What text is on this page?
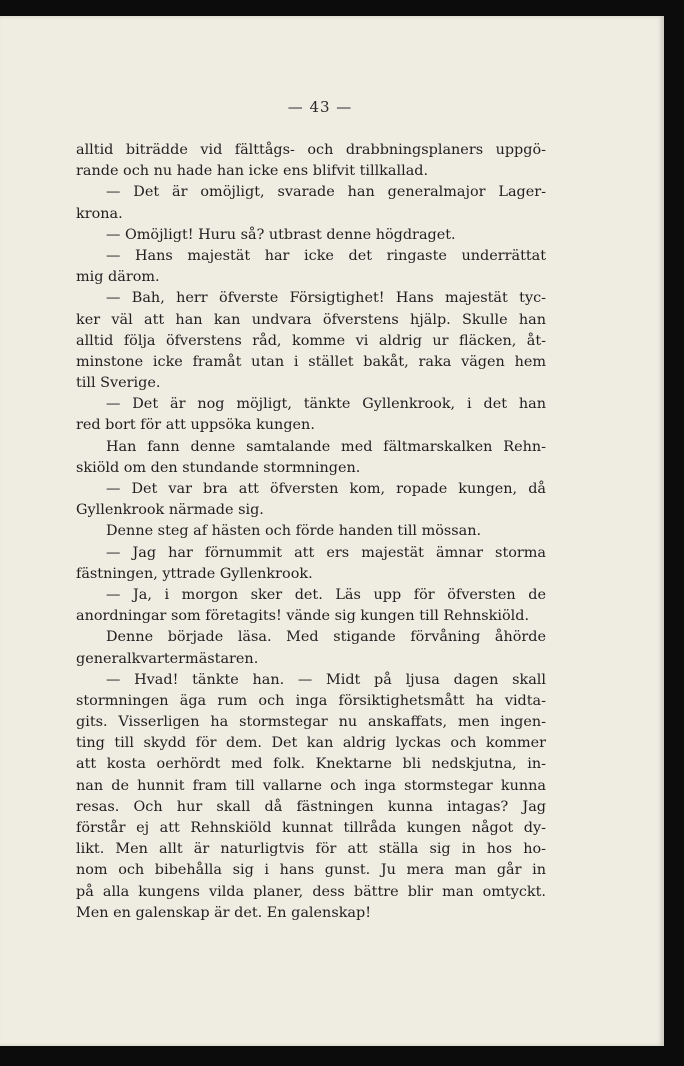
— 43 —
alltid biträdde vid fälttågs- och drabbningsplaners uppgö-
rande och nu hade han icke ens blifvit tillkallad.
— Det är omöjligt, svarade han generalmajor Lager-
krona.
— Omöjligt! Huru så? utbrast denne högdraget.
— Hans majestät har icke det ringaste underrättat
mig därom.
— Bah, herr öfverste Försigtighet! Hans majestät tyc-
ker väl att han kan undvara öfverstens hjälp. Skulle han
alltid följa öfverstens råd, komme vi aldrig ur fläcken, åt-
minstone icke framåt utan i stället bakåt, raka vägen hem
till Sverige.
— Det är nog möjligt, tänkte Gyllenkrook, i det han
red bort för att uppsöka kungen.
Han fann denne samtalande med fältmarskalken Rehn-
skiöld om den stundande stormningen.
— Det var bra att öfversten kom, ropade kungen, då
Gyllenkrook närmade sig.
Denne steg af hästen och förde handen till mössan.
— Jag har förnummit att ers majestät ämnar storma
fästningen, yttrade Gyllenkrook.
— Ja, i morgon sker det. Läs upp för öfversten de
anordningar som företagits! vände sig kungen till Rehnskiöld.
Denne började läsa. Med stigande förvåning åhörde
generalkvartermästaren.
— Hvad! tänkte han. — Midt på ljusa dagen skall
stormningen äga rum och inga försiktighetsmått ha vidta-
gits. Visserligen ha stormstegar nu anskaffats, men ingen-
ting till skydd för dem. Det kan aldrig lyckas och kommer
att kosta oerhördt med folk. Knektarne bli nedskjutna, in-
nan de hunnit fram till vallarne och inga stormstegar kunna
resas. Och hur skall då fästningen kunna intagas? Jag
förstår ej att Rehnskiöld kunnat tillråda kungen något dy-
likt. Men allt är naturligtvis för att ställa sig in hos ho-
nom och bibehålla sig i hans gunst. Ju mera man går in
på alla kungens vilda planer, dess bättre blir man omtyckt.
Men en galenskap är det. En galenskap!
